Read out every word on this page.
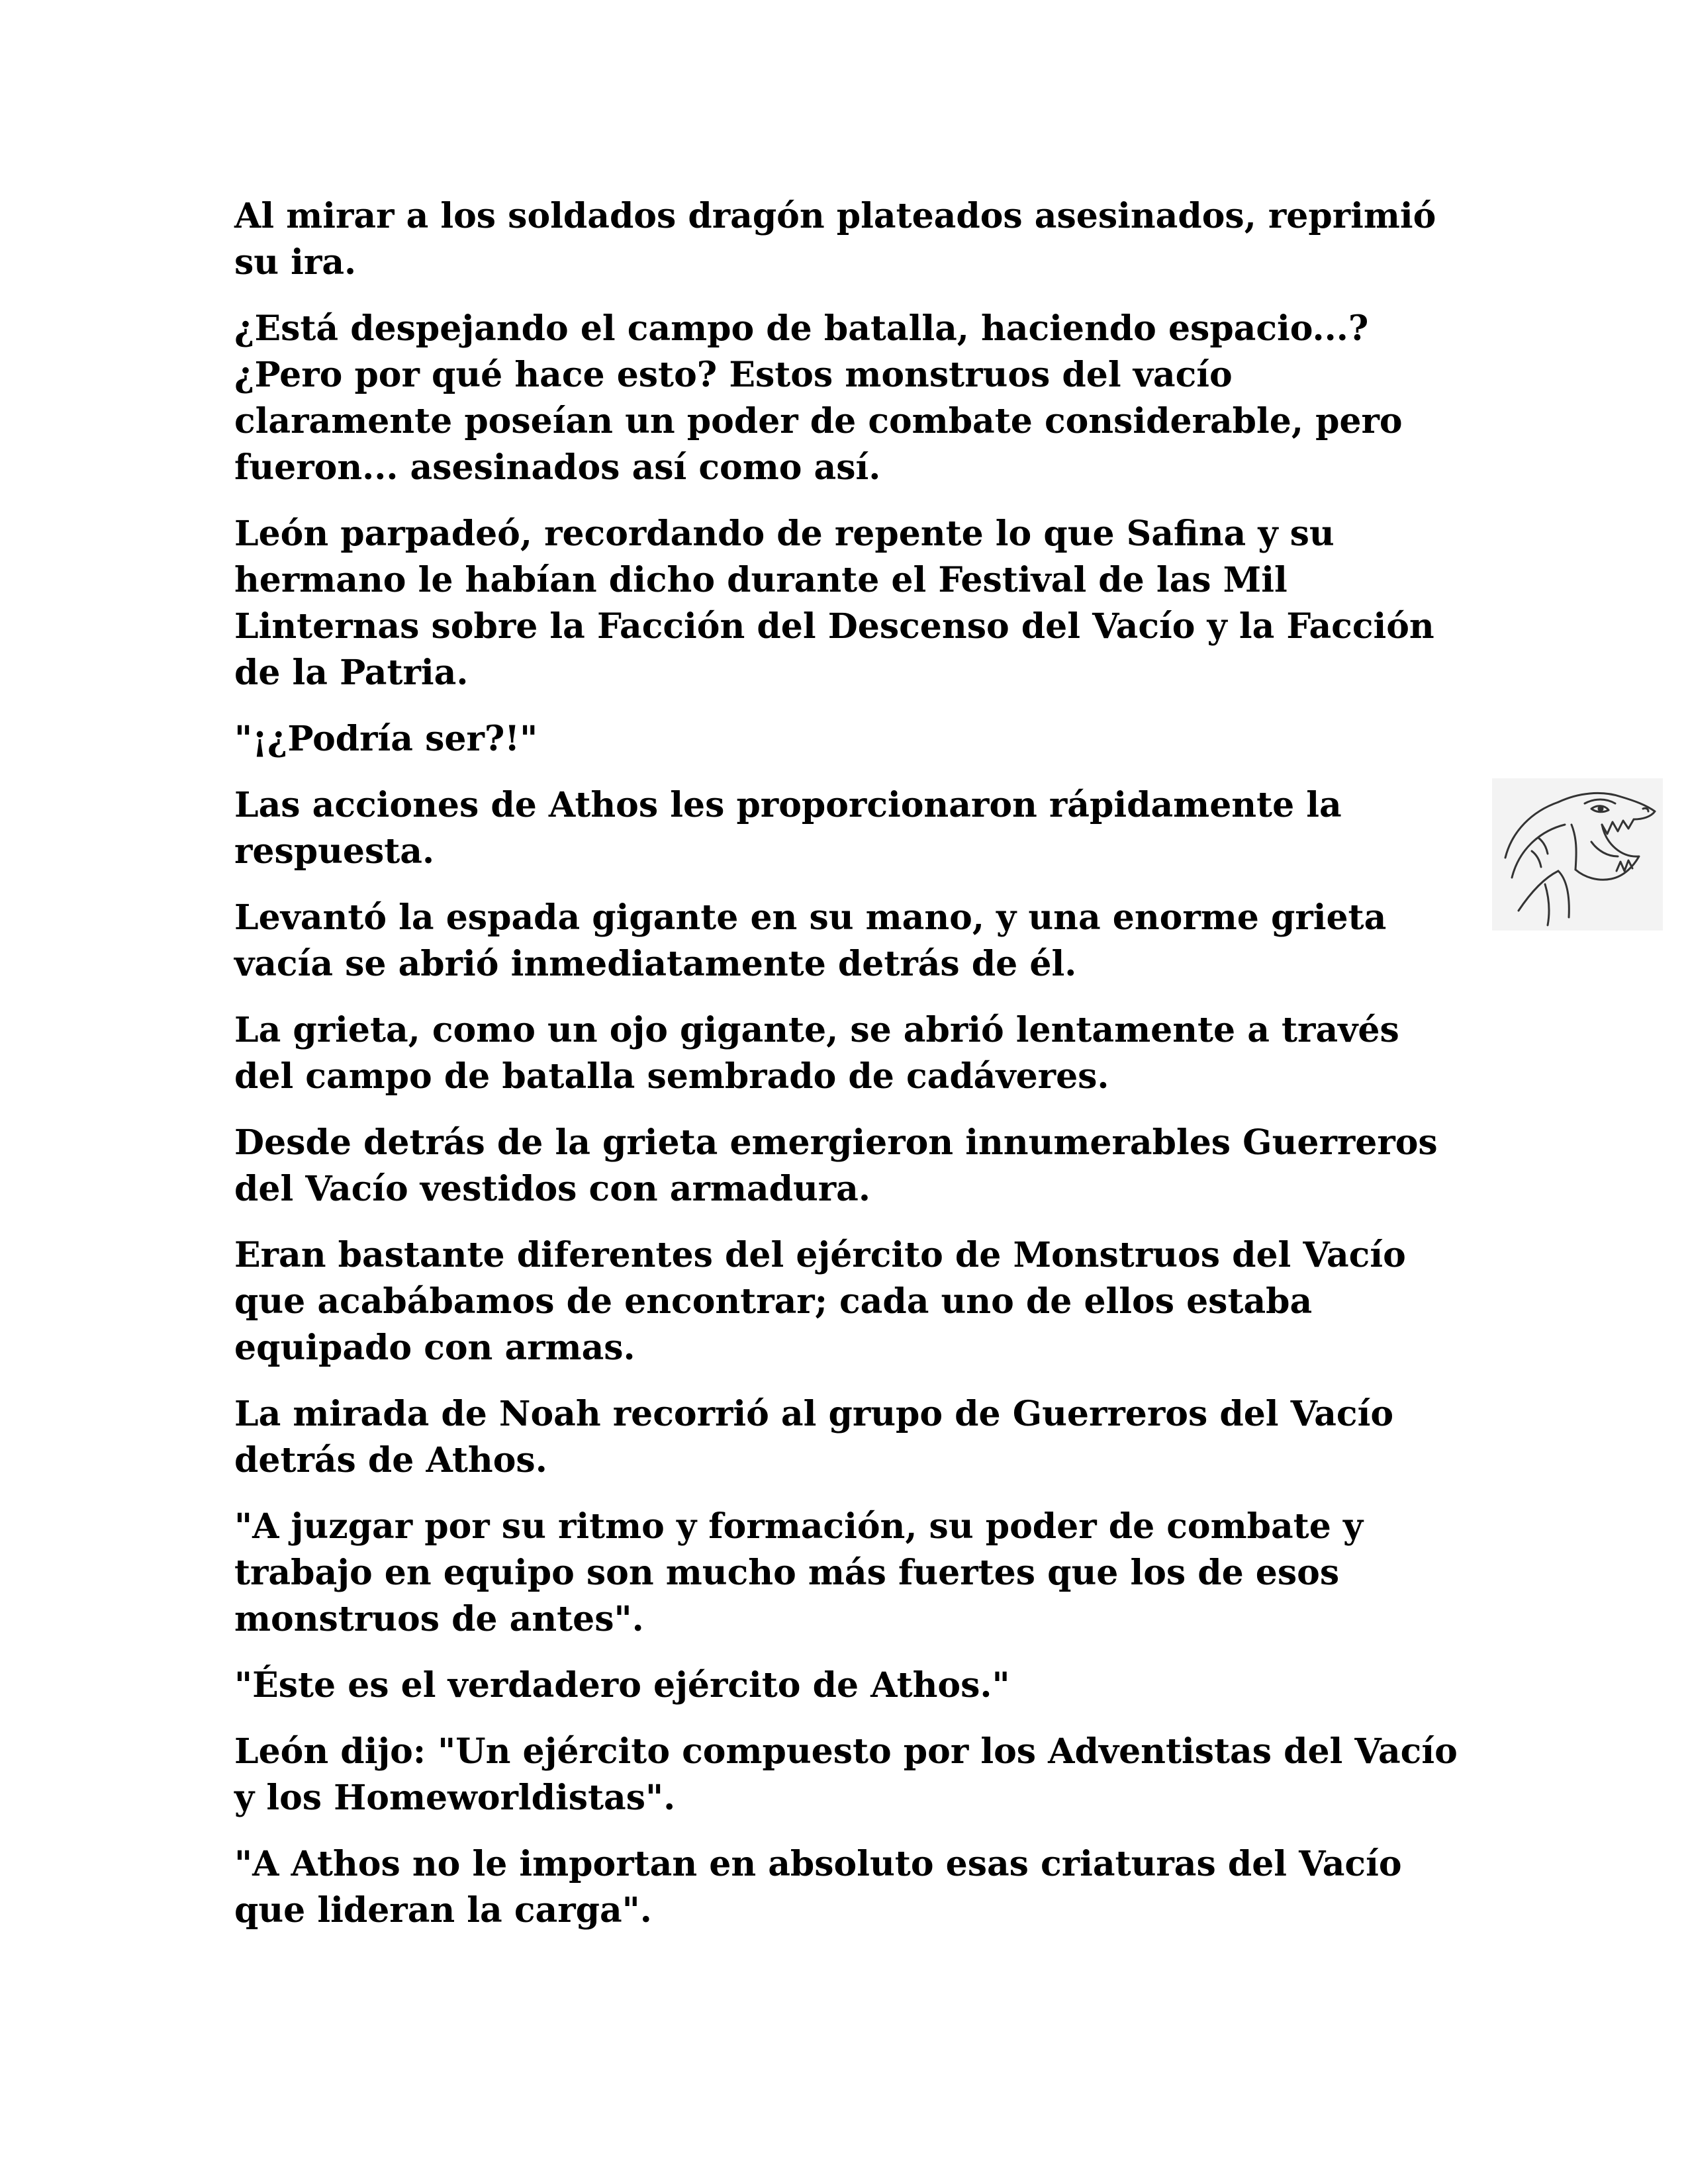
Al mirar a los soldados dragón plateados asesinados, reprimió su ira.

¿Está despejando el campo de batalla, haciendo espacio...? ¿Pero por qué hace esto? Estos monstruos del vacío claramente poseían un poder de combate considerable, pero fueron... asesinados así como así.

León parpadeó, recordando de repente lo que Safina y su hermano le habían dicho durante el Festival de las Mil Linternas sobre la Facción del Descenso del Vacío y la Facción de la Patria.

"¡¿Podría ser?!"

Las acciones de Athos les proporcionaron rápidamente la respuesta.

Levantó la espada gigante en su mano, y una enorme grieta vacía se abrió inmediatamente detrás de él.

La grieta, como un ojo gigante, se abrió lentamente a través del campo de batalla sembrado de cadáveres.

Desde detrás de la grieta emergieron innumerables Guerreros del Vacío vestidos con armadura.

Eran bastante diferentes del ejército de Monstruos del Vacío que acabábamos de encontrar; cada uno de ellos estaba equipado con armas.

La mirada de Noah recorrió al grupo de Guerreros del Vacío detrás de Athos.

"A juzgar por su ritmo y formación, su poder de combate y trabajo en equipo son mucho más fuertes que los de esos monstruos de antes".

"Éste es el verdadero ejército de Athos."

León dijo: "Un ejército compuesto por los Adventistas del Vacío y los Homeworldistas".

"A Athos no le importan en absoluto esas criaturas del Vacío que lideran la carga".
